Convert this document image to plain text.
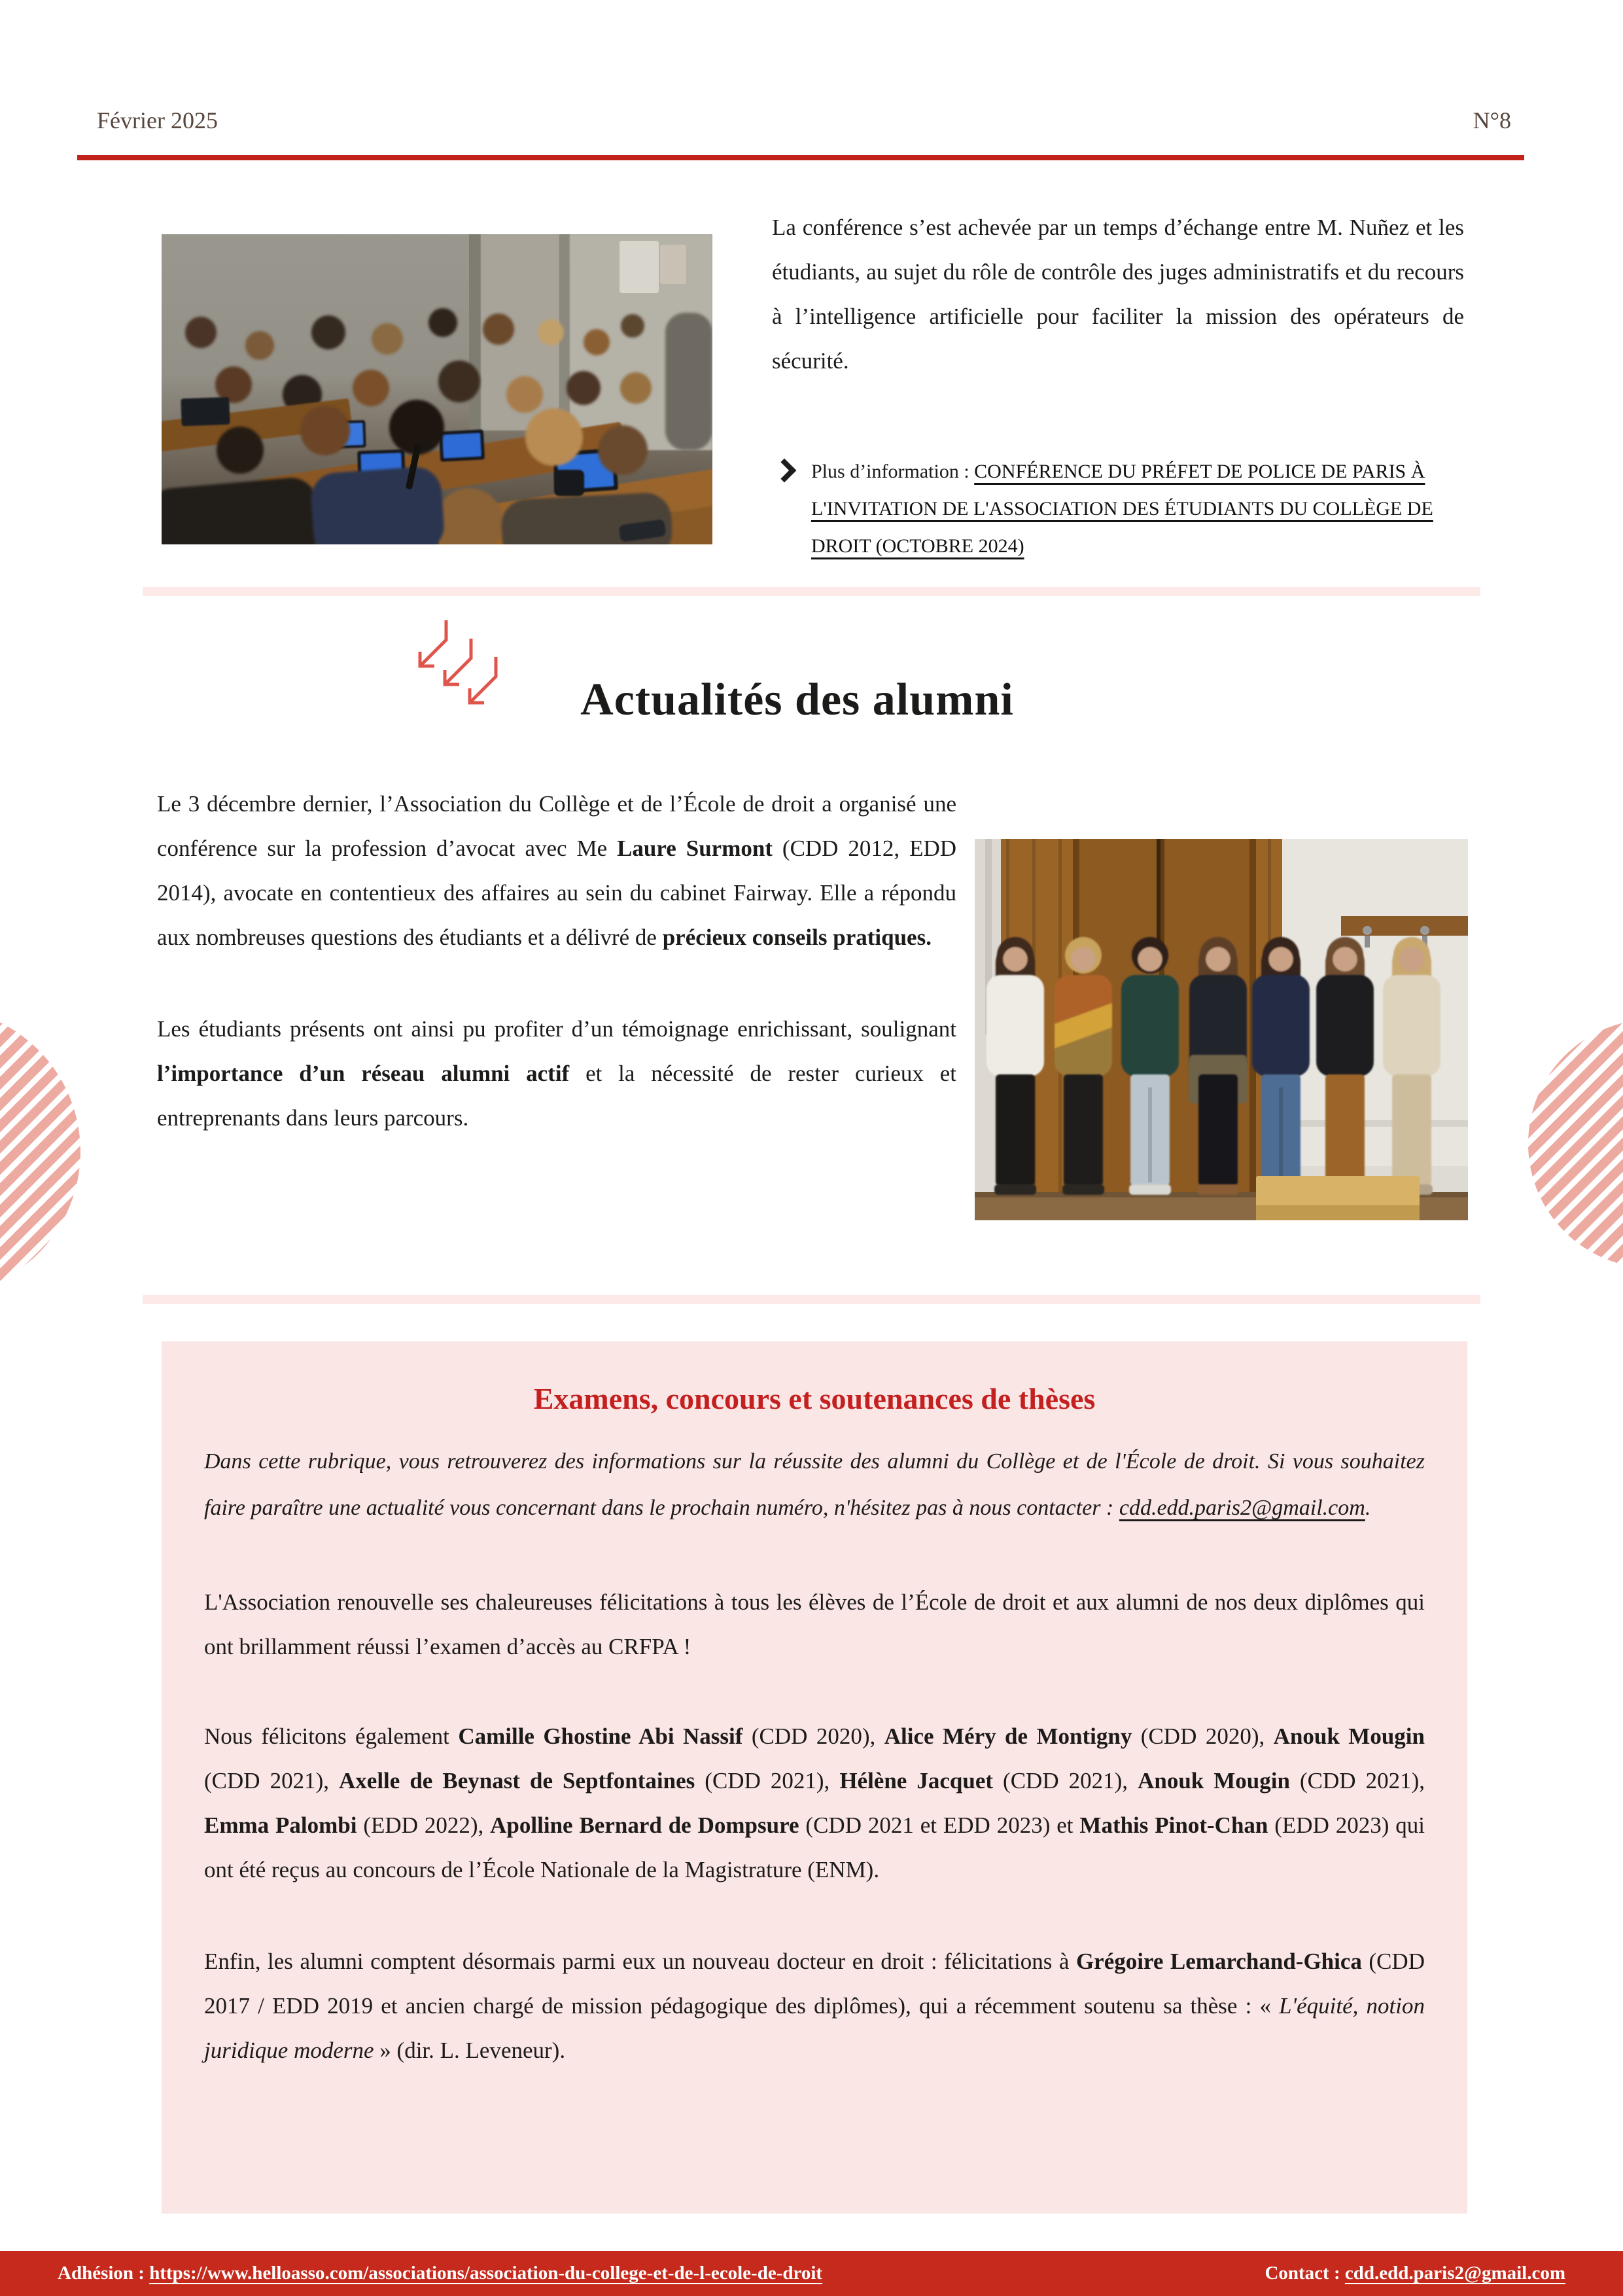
Février 2025	N°8

La conférence s’est achevée par un temps d’échange entre M. Nuñez et les étudiants, au sujet du rôle de contrôle des juges administratifs et du recours à l’intelligence artificielle pour faciliter la mission des opérateurs de sécurité.

Plus d’information : CONFÉRENCE DU PRÉFET DE POLICE DE PARIS À L'INVITATION DE L'ASSOCIATION DES ÉTUDIANTS DU COLLÈGE DE DROIT (OCTOBRE 2024)

Actualités des alumni

Le 3 décembre dernier, l’Association du Collège et de l’École de droit a organisé une conférence sur la profession d’avocat avec Me Laure Surmont (CDD 2012, EDD 2014), avocate en contentieux des affaires au sein du cabinet Fairway. Elle a répondu aux nombreuses questions des étudiants et a délivré de précieux conseils pratiques.

Les étudiants présents ont ainsi pu profiter d’un témoignage enrichissant, soulignant l’importance d’un réseau alumni actif et la nécessité de rester curieux et entreprenants dans leurs parcours.

Examens, concours et soutenances de thèses

Dans cette rubrique, vous retrouverez des informations sur la réussite des alumni du Collège et de l'École de droit. Si vous souhaitez faire paraître une actualité vous concernant dans le prochain numéro, n'hésitez pas à nous contacter : cdd.edd.paris2@gmail.com.

L'Association renouvelle ses chaleureuses félicitations à tous les élèves de l’École de droit et aux alumni de nos deux diplômes qui ont brillamment réussi l’examen d’accès au CRFPA !

Nous félicitons également Camille Ghostine Abi Nassif (CDD 2020), Alice Méry de Montigny (CDD 2020), Anouk Mougin (CDD 2021), Axelle de Beynast de Septfontaines (CDD 2021), Hélène Jacquet (CDD 2021), Anouk Mougin (CDD 2021), Emma Palombi (EDD 2022), Apolline Bernard de Dompsure (CDD 2021 et EDD 2023) et Mathis Pinot-Chan (EDD 2023) qui ont été reçus au concours de l’École Nationale de la Magistrature (ENM).

Enfin, les alumni comptent désormais parmi eux un nouveau docteur en droit : félicitations à Grégoire Lemarchand-Ghica (CDD 2017 / EDD 2019 et ancien chargé de mission pédagogique des diplômes), qui a récemment soutenu sa thèse : « L'équité, notion juridique moderne » (dir. L. Leveneur).

Adhésion : https://www.helloasso.com/associations/association-du-college-et-de-l-ecole-de-droit	Contact : cdd.edd.paris2@gmail.com
